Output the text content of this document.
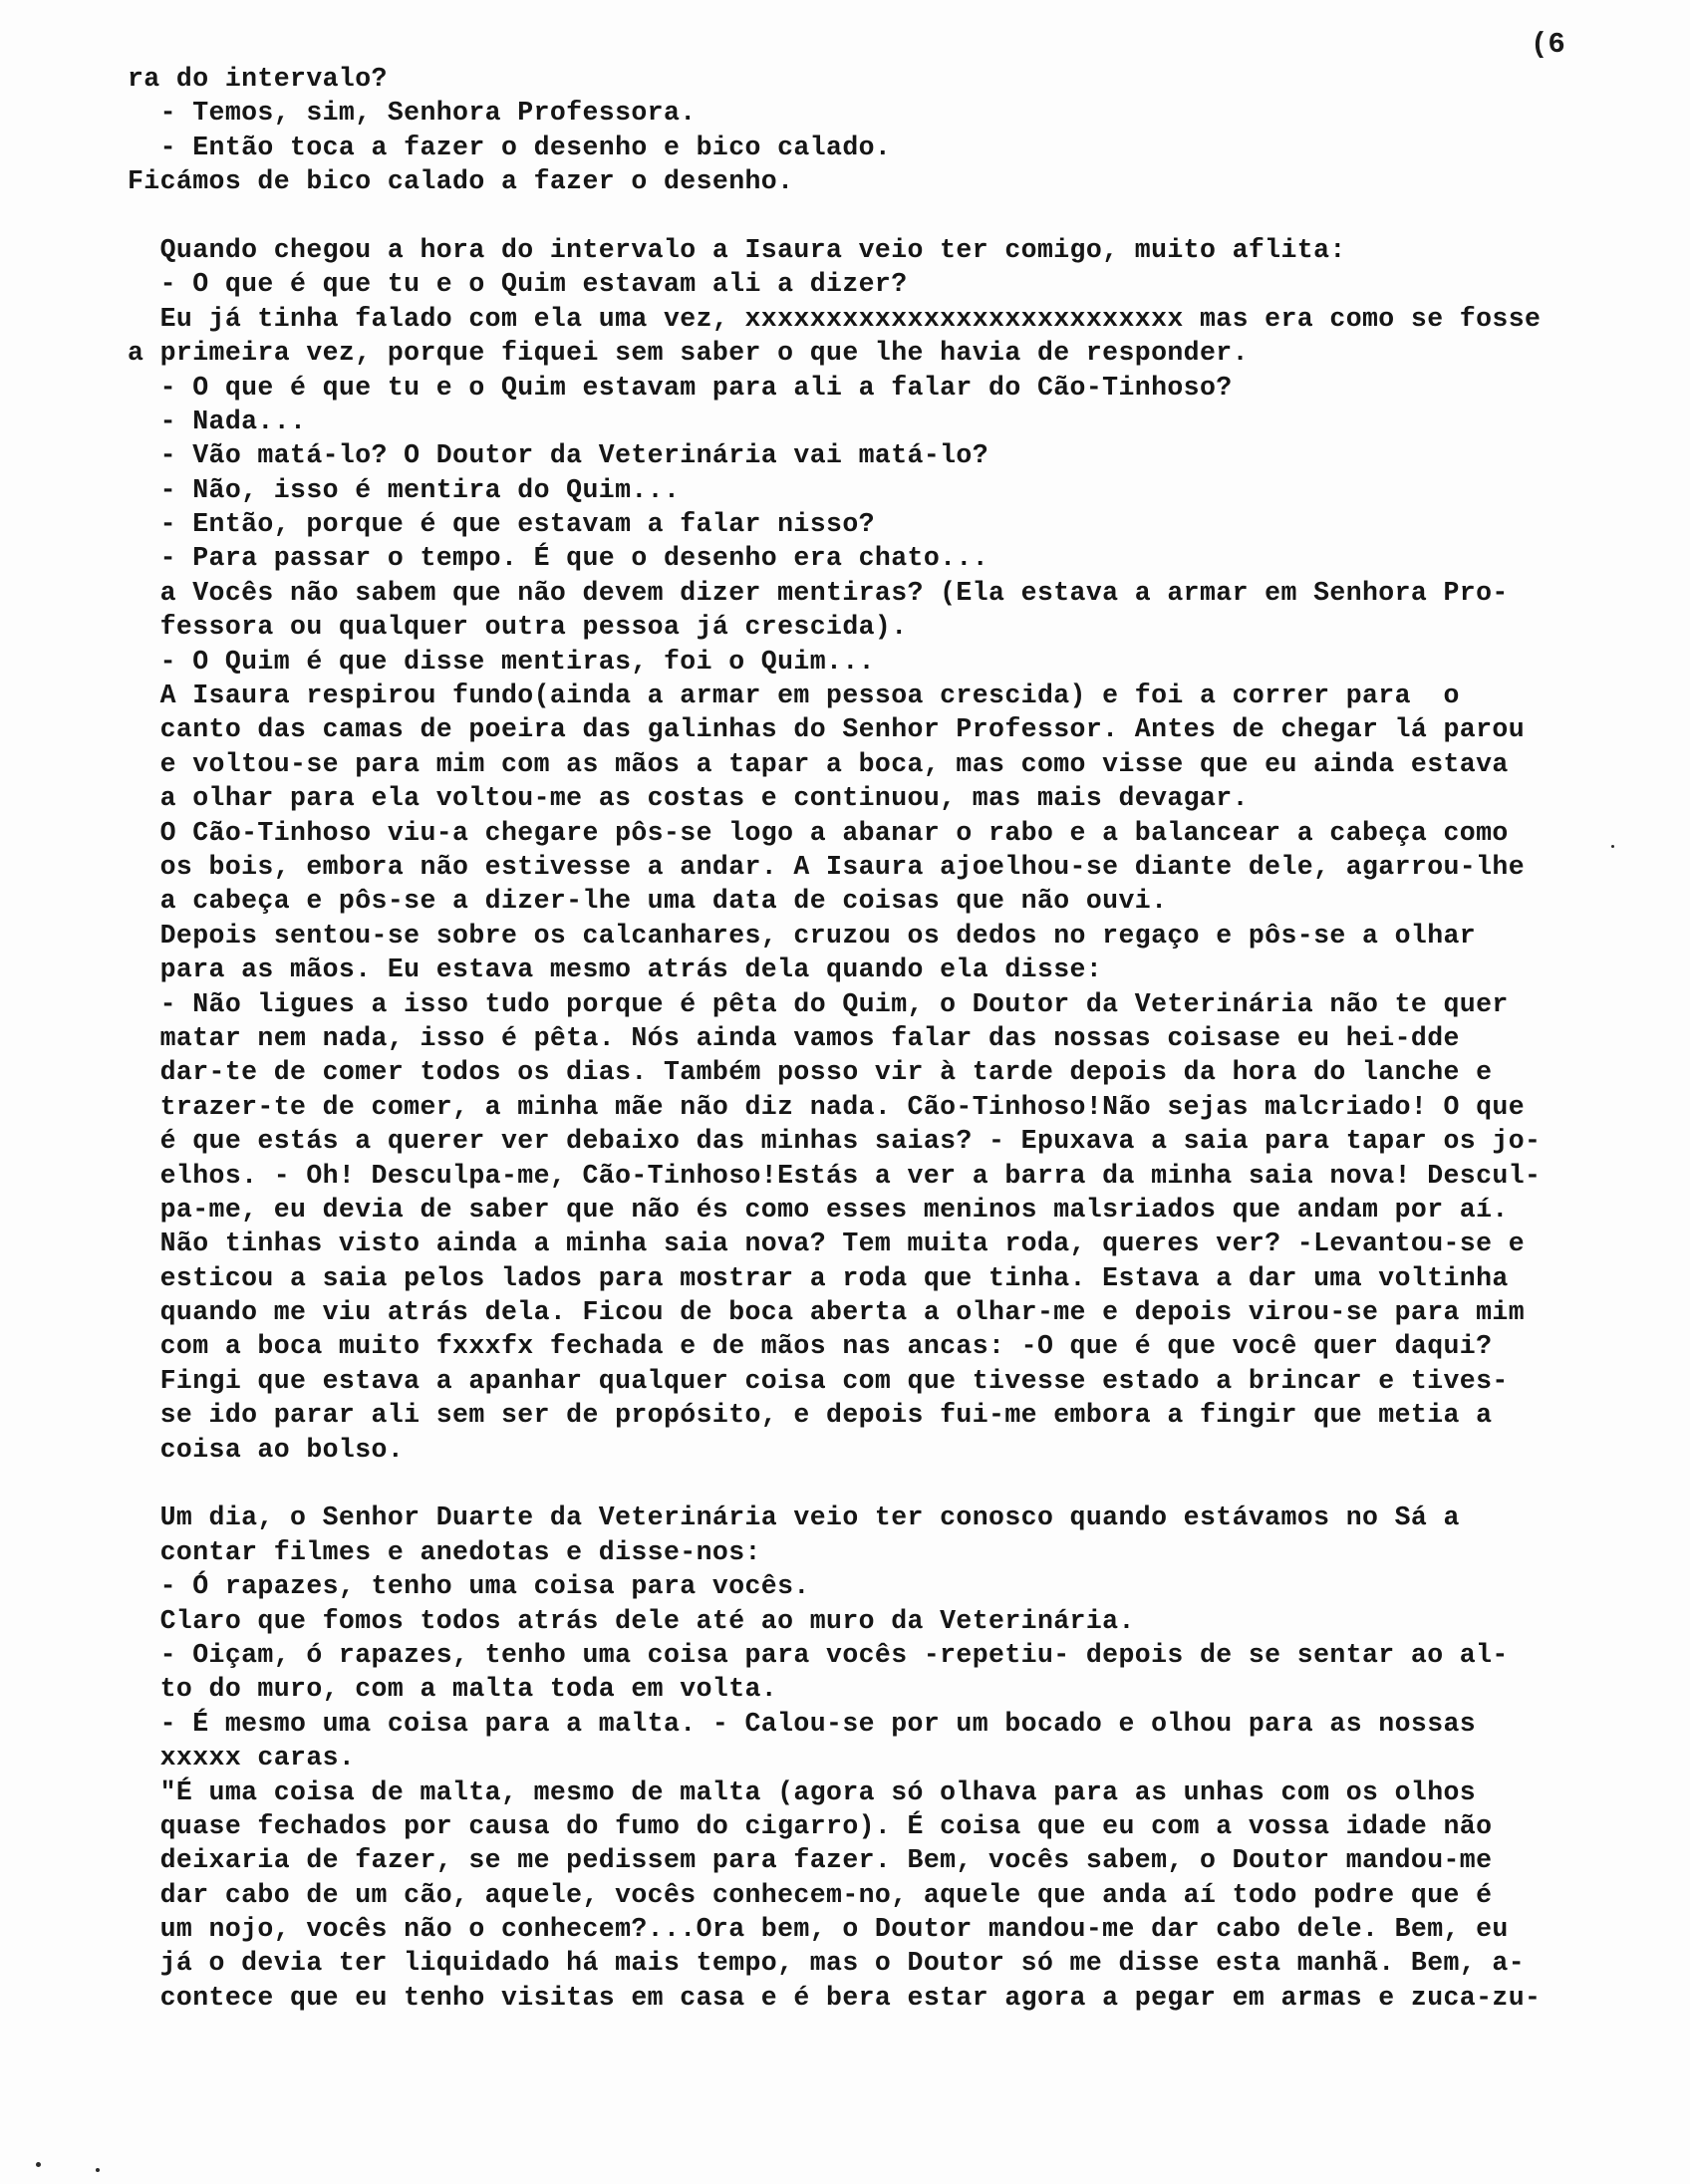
(6
ra do intervalo?
- Temos, sim, Senhora Professora.
- Então toca a fazer o desenho e bico calado.
Ficámos de bico calado a fazer o desenho.
Quando chegou a hora do intervalo a Isaura veio ter comigo, muito aflita:
- O que é que tu e o Quim estavam ali a dizer?
Eu já tinha falado com ela uma vez, xxxxxxxxxxxxxxxxxxxxxxxxxxx mas era como se fosse
a primeira vez, porque fiquei sem saber o que lhe havia de responder.
- O que é que tu e o Quim estavam para ali a falar do Cão-Tinhoso?
- Nada...
- Vão matá-lo? O Doutor da Veterinária vai matá-lo?
- Não, isso é mentira do Quim...
- Então, porque é que estavam a falar nisso?
- Para passar o tempo. É que o desenho era chato...
a Vocês não sabem que não devem dizer mentiras? (Ela estava a armar em Senhora Pro-
fessora ou qualquer outra pessoa já crescida).
- O Quim é que disse mentiras, foi o Quim...
A Isaura respirou fundo(ainda a armar em pessoa crescida) e foi a correr para  o
canto das camas de poeira das galinhas do Senhor Professor. Antes de chegar lá parou
e voltou-se para mim com as mãos a tapar a boca, mas como visse que eu ainda estava
a olhar para ela voltou-me as costas e continuou, mas mais devagar.
O Cão-Tinhoso viu-a chegare pôs-se logo a abanar o rabo e a balancear a cabeça como
os bois, embora não estivesse a andar. A Isaura ajoelhou-se diante dele, agarrou-lhe
a cabeça e pôs-se a dizer-lhe uma data de coisas que não ouvi.
Depois sentou-se sobre os calcanhares, cruzou os dedos no regaço e pôs-se a olhar
para as mãos. Eu estava mesmo atrás dela quando ela disse:
- Não ligues a isso tudo porque é pêta do Quim, o Doutor da Veterinária não te quer
matar nem nada, isso é pêta. Nós ainda vamos falar das nossas coisase eu hei-dde
dar-te de comer todos os dias. Também posso vir à tarde depois da hora do lanche e
trazer-te de comer, a minha mãe não diz nada. Cão-Tinhoso!Não sejas malcriado! O que
é que estás a querer ver debaixo das minhas saias? - Epuxava a saia para tapar os jo-
elhos. - Oh! Desculpa-me, Cão-Tinhoso!Estás a ver a barra da minha saia nova! Descul-
pa-me, eu devia de saber que não és como esses meninos malsriados que andam por aí.
Não tinhas visto ainda a minha saia nova? Tem muita roda, queres ver? -Levantou-se e
esticou a saia pelos lados para mostrar a roda que tinha. Estava a dar uma voltinha
quando me viu atrás dela. Ficou de boca aberta a olhar-me e depois virou-se para mim
com a boca muito fxxxfx fechada e de mãos nas ancas: -O que é que você quer daqui?
Fingi que estava a apanhar qualquer coisa com que tivesse estado a brincar e tives-
se ido parar ali sem ser de propósito, e depois fui-me embora a fingir que metia a
coisa ao bolso.
Um dia, o Senhor Duarte da Veterinária veio ter conosco quando estávamos no Sá a
contar filmes e anedotas e disse-nos:
- Ó rapazes, tenho uma coisa para vocês.
Claro que fomos todos atrás dele até ao muro da Veterinária.
- Oiçam, ó rapazes, tenho uma coisa para vocês -repetiu- depois de se sentar ao al-
to do muro, com a malta toda em volta.
- É mesmo uma coisa para a malta. - Calou-se por um bocado e olhou para as nossas
xxxxx caras.
"É uma coisa de malta, mesmo de malta (agora só olhava para as unhas com os olhos
quase fechados por causa do fumo do cigarro). É coisa que eu com a vossa idade não
deixaria de fazer, se me pedissem para fazer. Bem, vocês sabem, o Doutor mandou-me
dar cabo de um cão, aquele, vocês conhecem-no, aquele que anda aí todo podre que é
um nojo, vocês não o conhecem?...Ora bem, o Doutor mandou-me dar cabo dele. Bem, eu
já o devia ter liquidado há mais tempo, mas o Doutor só me disse esta manhã. Bem, a-
contece que eu tenho visitas em casa e é bera estar agora a pegar em armas e zuca-zu-
